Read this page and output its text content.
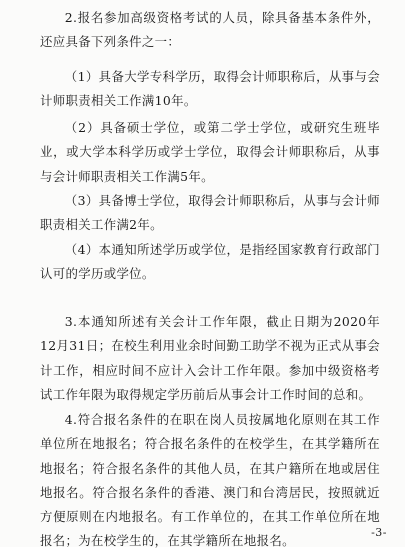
2.报名参加高级资格考试的人员，除具备基本条件外，还应具备下列条件之一：

（1）具备大学专科学历，取得会计师职称后，从事与会计师职责相关工作满10年。

（2）具备硕士学位，或第二学士学位，或研究生班毕业，或大学本科学历或学士学位，取得会计师职称后，从事与会计师职责相关工作满5年。

（3）具备博士学位，取得会计师职称后，从事与会计师职责相关工作满2年。

（4）本通知所述学历或学位，是指经国家教育行政部门认可的学历或学位。

3.本通知所述有关会计工作年限，截止日期为2020年12月31日；在校生利用业余时间勤工助学不视为正式从事会计工作，相应时间不应计入会计工作年限。参加中级资格考试工作年限为取得规定学历前后从事会计工作时间的总和。

4.符合报名条件的在职在岗人员按属地化原则在其工作单位所在地报名；符合报名条件的在校学生，在其学籍所在地报名；符合报名条件的其他人员，在其户籍所在地或居住地报名。符合报名条件的香港、澳门和台湾居民，按照就近方便原则在内地报名。有工作单位的，在其工作单位所在地报名；为在校学生的，在其学籍所在地报名。

-3-
